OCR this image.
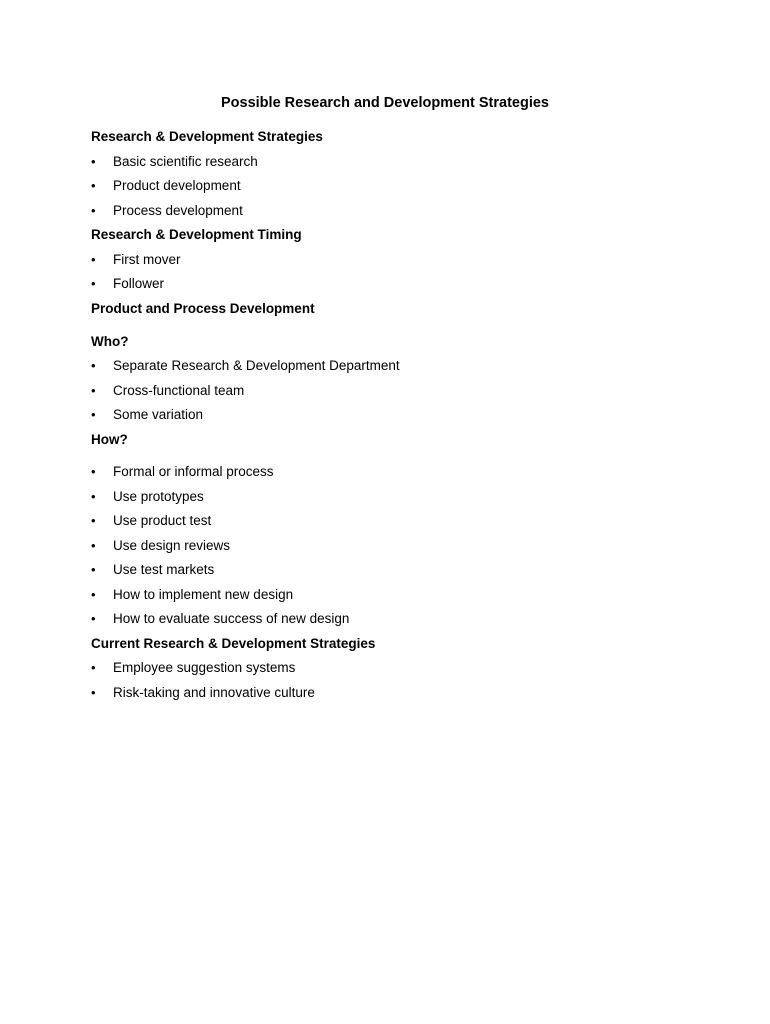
Possible Research and Development Strategies
Research & Development Strategies
• Basic scientific research
• Product development
• Process development
Research & Development Timing
• First mover
• Follower
Product and Process Development
Who?
• Separate Research & Development Department
• Cross-functional team
• Some variation
How?
• Formal or informal process
• Use prototypes
• Use product test
• Use design reviews
• Use test markets
• How to implement new design
• How to evaluate success of new design
Current Research & Development Strategies
• Employee suggestion systems
• Risk-taking and innovative culture
